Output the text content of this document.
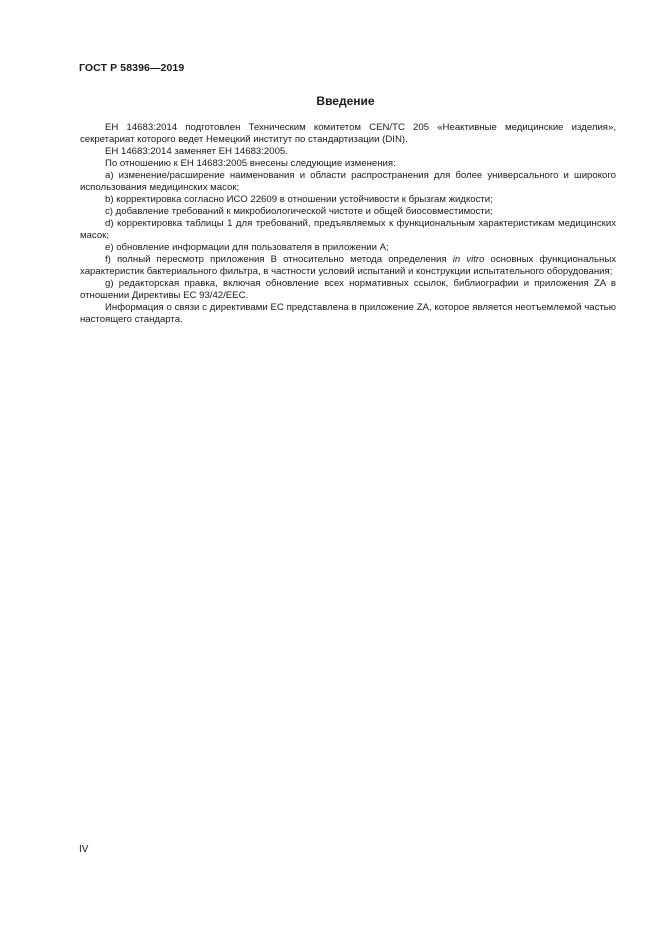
ГОСТ Р 58396—2019
Введение

ЕН 14683:2014 подготовлен Техническим комитетом CEN/TC 205 «Неактивные медицинские изделия», секретариат которого ведет Немецкий институт по стандартизации (DIN).

ЕН 14683:2014 заменяет ЕН 14683:2005.

По отношению к ЕН 14683:2005 внесены следующие изменения:

a) изменение/расширение наименования и области распространения для более универсального и широкого использования медицинских масок;

b) корректировка согласно ИСО 22609 в отношении устойчивости к брызгам жидкости;

c) добавление требований к микробиологической чистоте и общей биосовместимости;

d) корректировка таблицы 1 для требований, предъявляемых к функциональным характеристикам медицинских масок;

e) обновление информации для пользователя в приложении А;

f) полный пересмотр приложения В относительно метода определения in vitro основных функциональных характеристик бактериального фильтра, в частности условий испытаний и конструкции испытательного оборудования;

g) редакторская правка, включая обновление всех нормативных ссылок, библиографии и приложения ZA в отношении Директивы ЕС 93/42/EEC.

Информация о связи с директивами ЕС представлена в приложение ZA, которое является неотъемлемой частью настоящего стандарта.

IV
